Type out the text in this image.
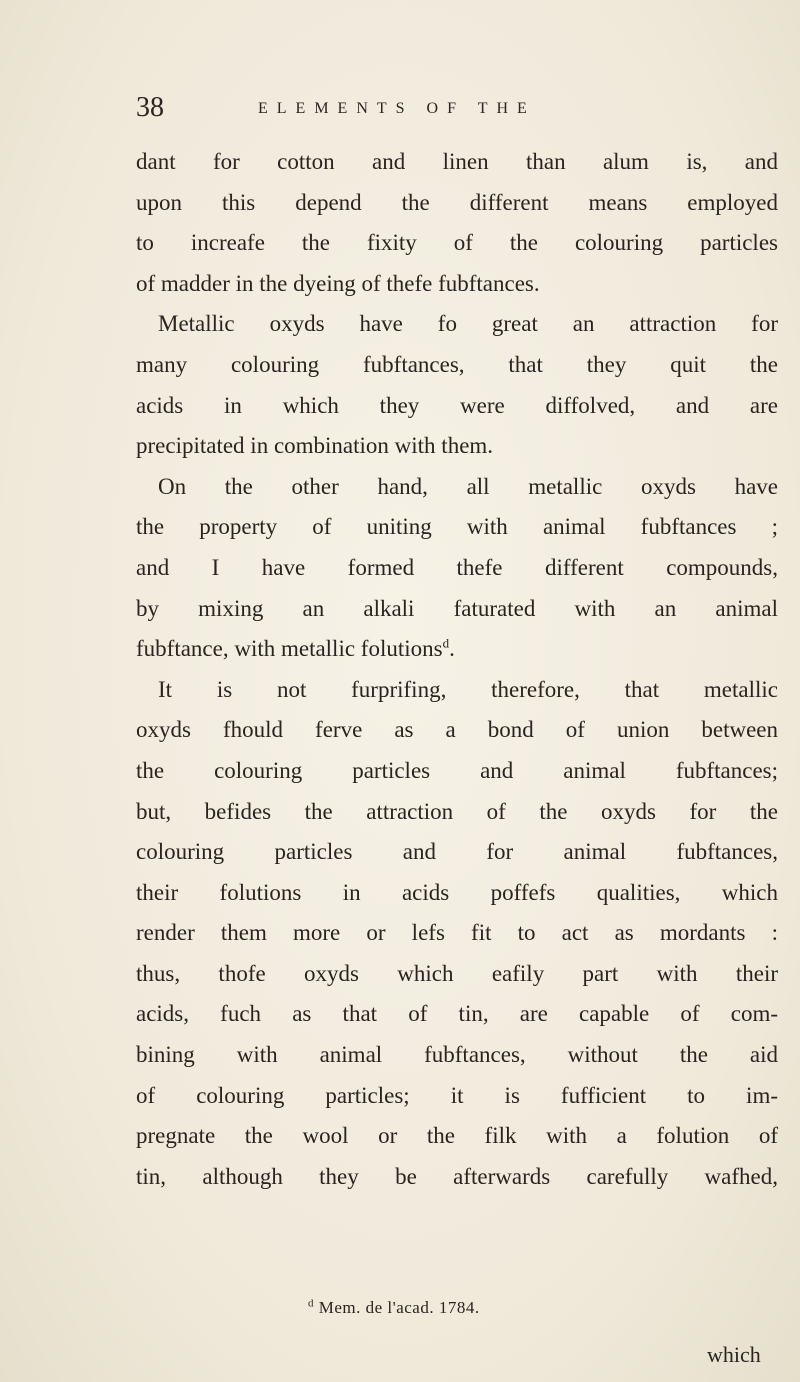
38	ELEMENTS OF THE
dant for cotton and linen than alum is, and
upon this depend the different means employed
to increafe the fixity of the colouring particles
of madder in the dyeing of thefe fubftances.
Metallic oxyds have fo great an attraction for
many colouring fubftances, that they quit the
acids in which they were diffolved, and are
precipitated in combination with them.
On the other hand, all metallic oxyds have
the property of uniting with animal fubftances ;
and I have formed thefe different compounds,
by mixing an alkali faturated with an animal
fubftance, with metallic folutions$^d$.
It is not furprifing, therefore, that metallic
oxyds fhould ferve as a bond of union between
the colouring particles and animal fubftances;
but, befides the attraction of the oxyds for the
colouring particles and for animal fubftances,
their folutions in acids poffefs qualities, which
render them more or lefs fit to act as mordants :
thus, thofe oxyds which eafily part with their
acids, fuch as that of tin, are capable of com-
bining with animal fubftances, without the aid
of colouring particles; it is fufficient to im-
pregnate the wool or the filk with a folution of
tin, although they be afterwards carefully wafhed,
$^d$ Mem. de l'acad. 1784.
which
